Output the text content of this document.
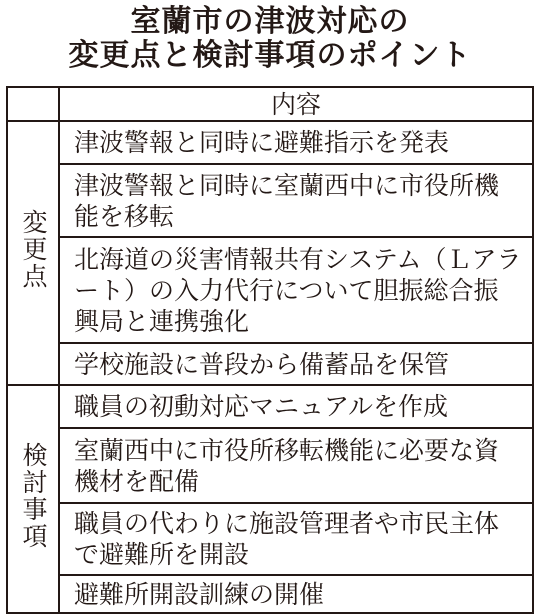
室蘭市の津波対応の
変更点と検討事項のポイント
	内容
変更点	津波警報と同時に避難指示を発表
	津波警報と同時に室蘭西中に市役所機能を移転
	北海道の災害情報共有システム（Ｌアラート）の入力代行について胆振総合振興局と連携強化
	学校施設に普段から備蓄品を保管
検討事項	職員の初動対応マニュアルを作成
	室蘭西中に市役所移転機能に必要な資機材を配備
	職員の代わりに施設管理者や市民主体で避難所を開設
	避難所開設訓練の開催
